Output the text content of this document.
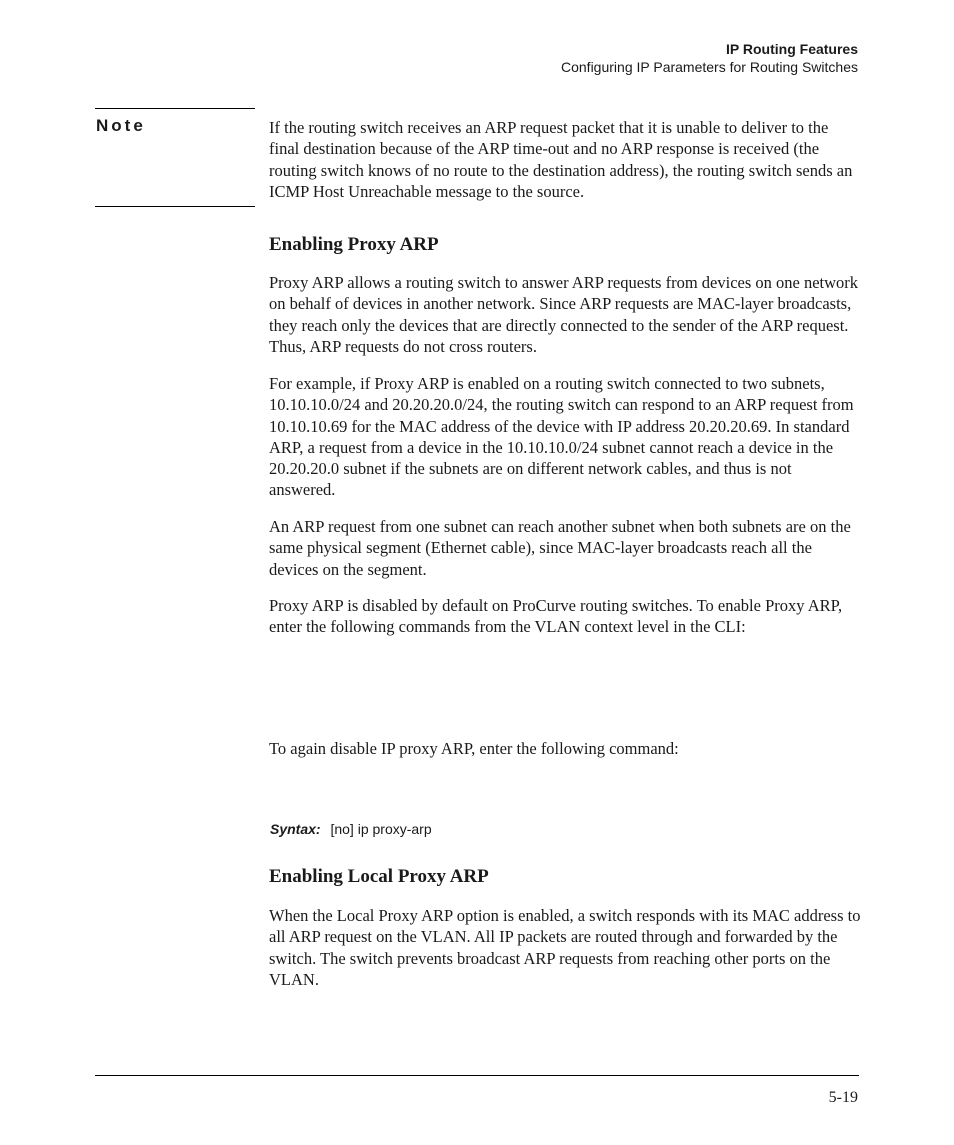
IP Routing Features
Configuring IP Parameters for Routing Switches
Note	If the routing switch receives an ARP request packet that it is unable to deliver to the final destination because of the ARP time-out and no ARP response is received (the routing switch knows of no route to the destination address), the routing switch sends an ICMP Host Unreachable message to the source.

Enabling Proxy ARP

Proxy ARP allows a routing switch to answer ARP requests from devices on one network on behalf of devices in another network. Since ARP requests are MAC-layer broadcasts, they reach only the devices that are directly connected to the sender of the ARP request. Thus, ARP requests do not cross routers.

For example, if Proxy ARP is enabled on a routing switch connected to two subnets, 10.10.10.0/24 and 20.20.20.0/24, the routing switch can respond to an ARP request from 10.10.10.69 for the MAC address of the device with IP address 20.20.20.69. In standard ARP, a request from a device in the 10.10.10.0/24 subnet cannot reach a device in the 20.20.20.0 subnet if the subnets are on different network cables, and thus is not answered.

An ARP request from one subnet can reach another subnet when both subnets are on the same physical segment (Ethernet cable), since MAC-layer broadcasts reach all the devices on the segment.

Proxy ARP is disabled by default on ProCurve routing switches. To enable Proxy ARP, enter the following commands from the VLAN context level in the CLI:

To again disable IP proxy ARP, enter the following command:

Syntax: [no] ip proxy-arp
Enabling Local Proxy ARP

When the Local Proxy ARP option is enabled, a switch responds with its MAC address to all ARP request on the VLAN. All IP packets are routed through and forwarded by the switch. The switch prevents broadcast ARP requests from reaching other ports on the VLAN.

5-19
